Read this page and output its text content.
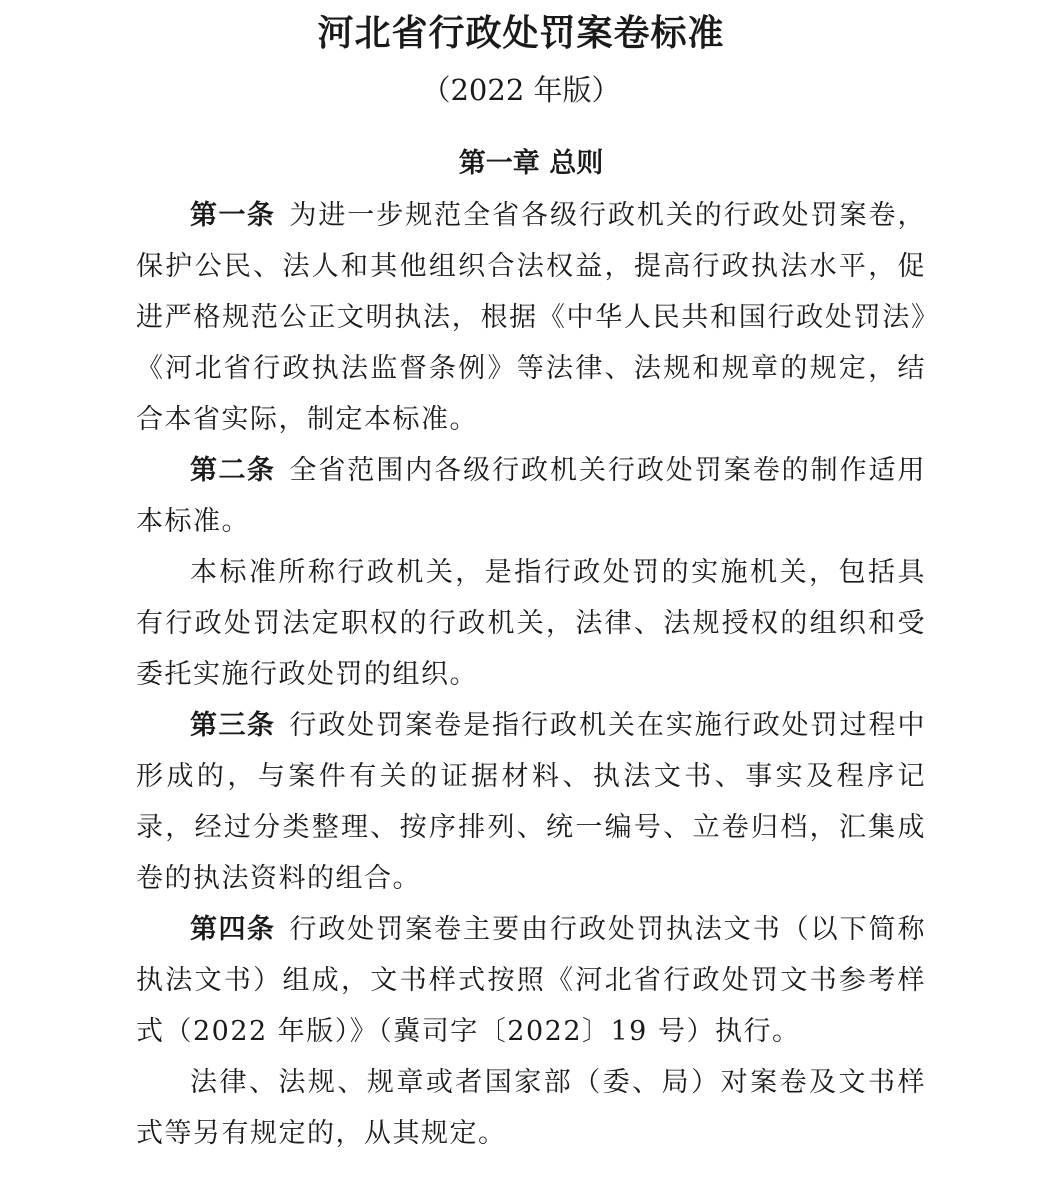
河北省行政处罚案卷标准
（2022 年版）
第一章 总则

第一条 为进一步规范全省各级行政机关的行政处罚案卷，保护公民、法人和其他组织合法权益，提高行政执法水平，促进严格规范公正文明执法，根据《中华人民共和国行政处罚法》《河北省行政执法监督条例》等法律、法规和规章的规定，结合本省实际，制定本标准。

第二条 全省范围内各级行政机关行政处罚案卷的制作适用本标准。

本标准所称行政机关，是指行政处罚的实施机关，包括具有行政处罚法定职权的行政机关，法律、法规授权的组织和受委托实施行政处罚的组织。

第三条 行政处罚案卷是指行政机关在实施行政处罚过程中形成的，与案件有关的证据材料、执法文书、事实及程序记录，经过分类整理、按序排列、统一编号、立卷归档，汇集成卷的执法资料的组合。

第四条 行政处罚案卷主要由行政处罚执法文书（以下简称执法文书）组成，文书样式按照《河北省行政处罚文书参考样式（2022 年版）》（冀司字〔2022〕19 号）执行。

法律、法规、规章或者国家部（委、局）对案卷及文书样式等另有规定的，从其规定。
